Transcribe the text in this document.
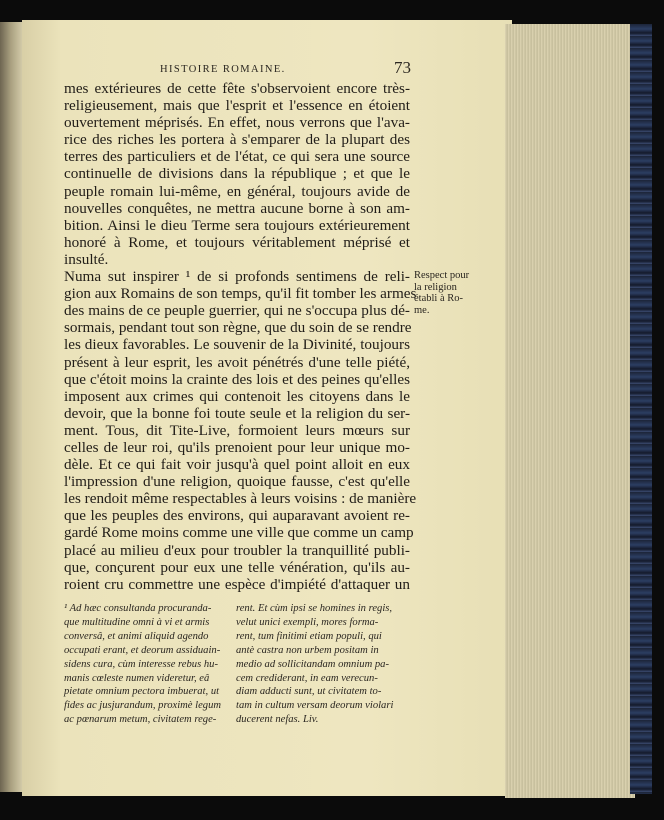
HISTOIRE ROMAINE.	73
mes extérieures de cette fête s'observoient encore très-
religieusement, mais que l'esprit et l'essence en étoient
ouvertement méprisés. En effet, nous verrons que l'ava-
rice des riches les portera à s'emparer de la plupart des
terres des particuliers et de l'état, ce qui sera une source
continuelle de divisions dans la république ; et que le
peuple romain lui-même, en général, toujours avide de
nouvelles conquêtes, ne mettra aucune borne à son am-
bition. Ainsi le dieu Terme sera toujours extérieurement
honoré à Rome, et toujours véritablement méprisé et
insulté.
Numa sut inspirer ¹ de si profonds sentimens de reli-
gion aux Romains de son temps, qu'il fit tomber les armes
des mains de ce peuple guerrier, qui ne s'occupa plus dé-
sormais, pendant tout son règne, que du soin de se rendre
les dieux favorables. Le souvenir de la Divinité, toujours
présent à leur esprit, les avoit pénétrés d'une telle piété,
que c'étoit moins la crainte des lois et des peines qu'elles
imposent aux crimes qui contenoit les citoyens dans le
devoir, que la bonne foi toute seule et la religion du ser-
ment. Tous, dit Tite-Live, formoient leurs mœurs sur
celles de leur roi, qu'ils prenoient pour leur unique mo-
dèle. Et ce qui fait voir jusqu'à quel point alloit en eux
l'impression d'une religion, quoique fausse, c'est qu'elle
les rendoit même respectables à leurs voisins : de manière
que les peuples des environs, qui auparavant avoient re-
gardé Rome moins comme une ville que comme un camp
placé au milieu d'eux pour troubler la tranquillité publi-
que, conçurent pour eux une telle vénération, qu'ils au-
roient cru commettre une espèce d'impiété d'attaquer un
Respect pour
la religion
établi à Ro-
me.
¹ Ad hæc consultanda procuranda-
que multitudine omni à vi et armis
conversâ, et animi aliquid agendo
occupati erant, et deorum assiduain-
sidens cura, cùm interesse rebus hu-
manis cœleste numen videretur, eâ
pietate omnium pectora imbuerat, ut
fides ac jusjurandum, proximè legum
ac pœnarum metum, civitatem rege-
rent. Et cùm ipsi se homines in regis,
velut unici exempli, mores forma-
rent, tum finitimi etiam populi, qui
antè castra non urbem positam in
medio ad sollicitandam omnium pa-
cem crediderant, in eam verecun-
diam adducti sunt, ut civitatem to-
tam in cultum versam deorum violari
ducerent nefas. Liv.
